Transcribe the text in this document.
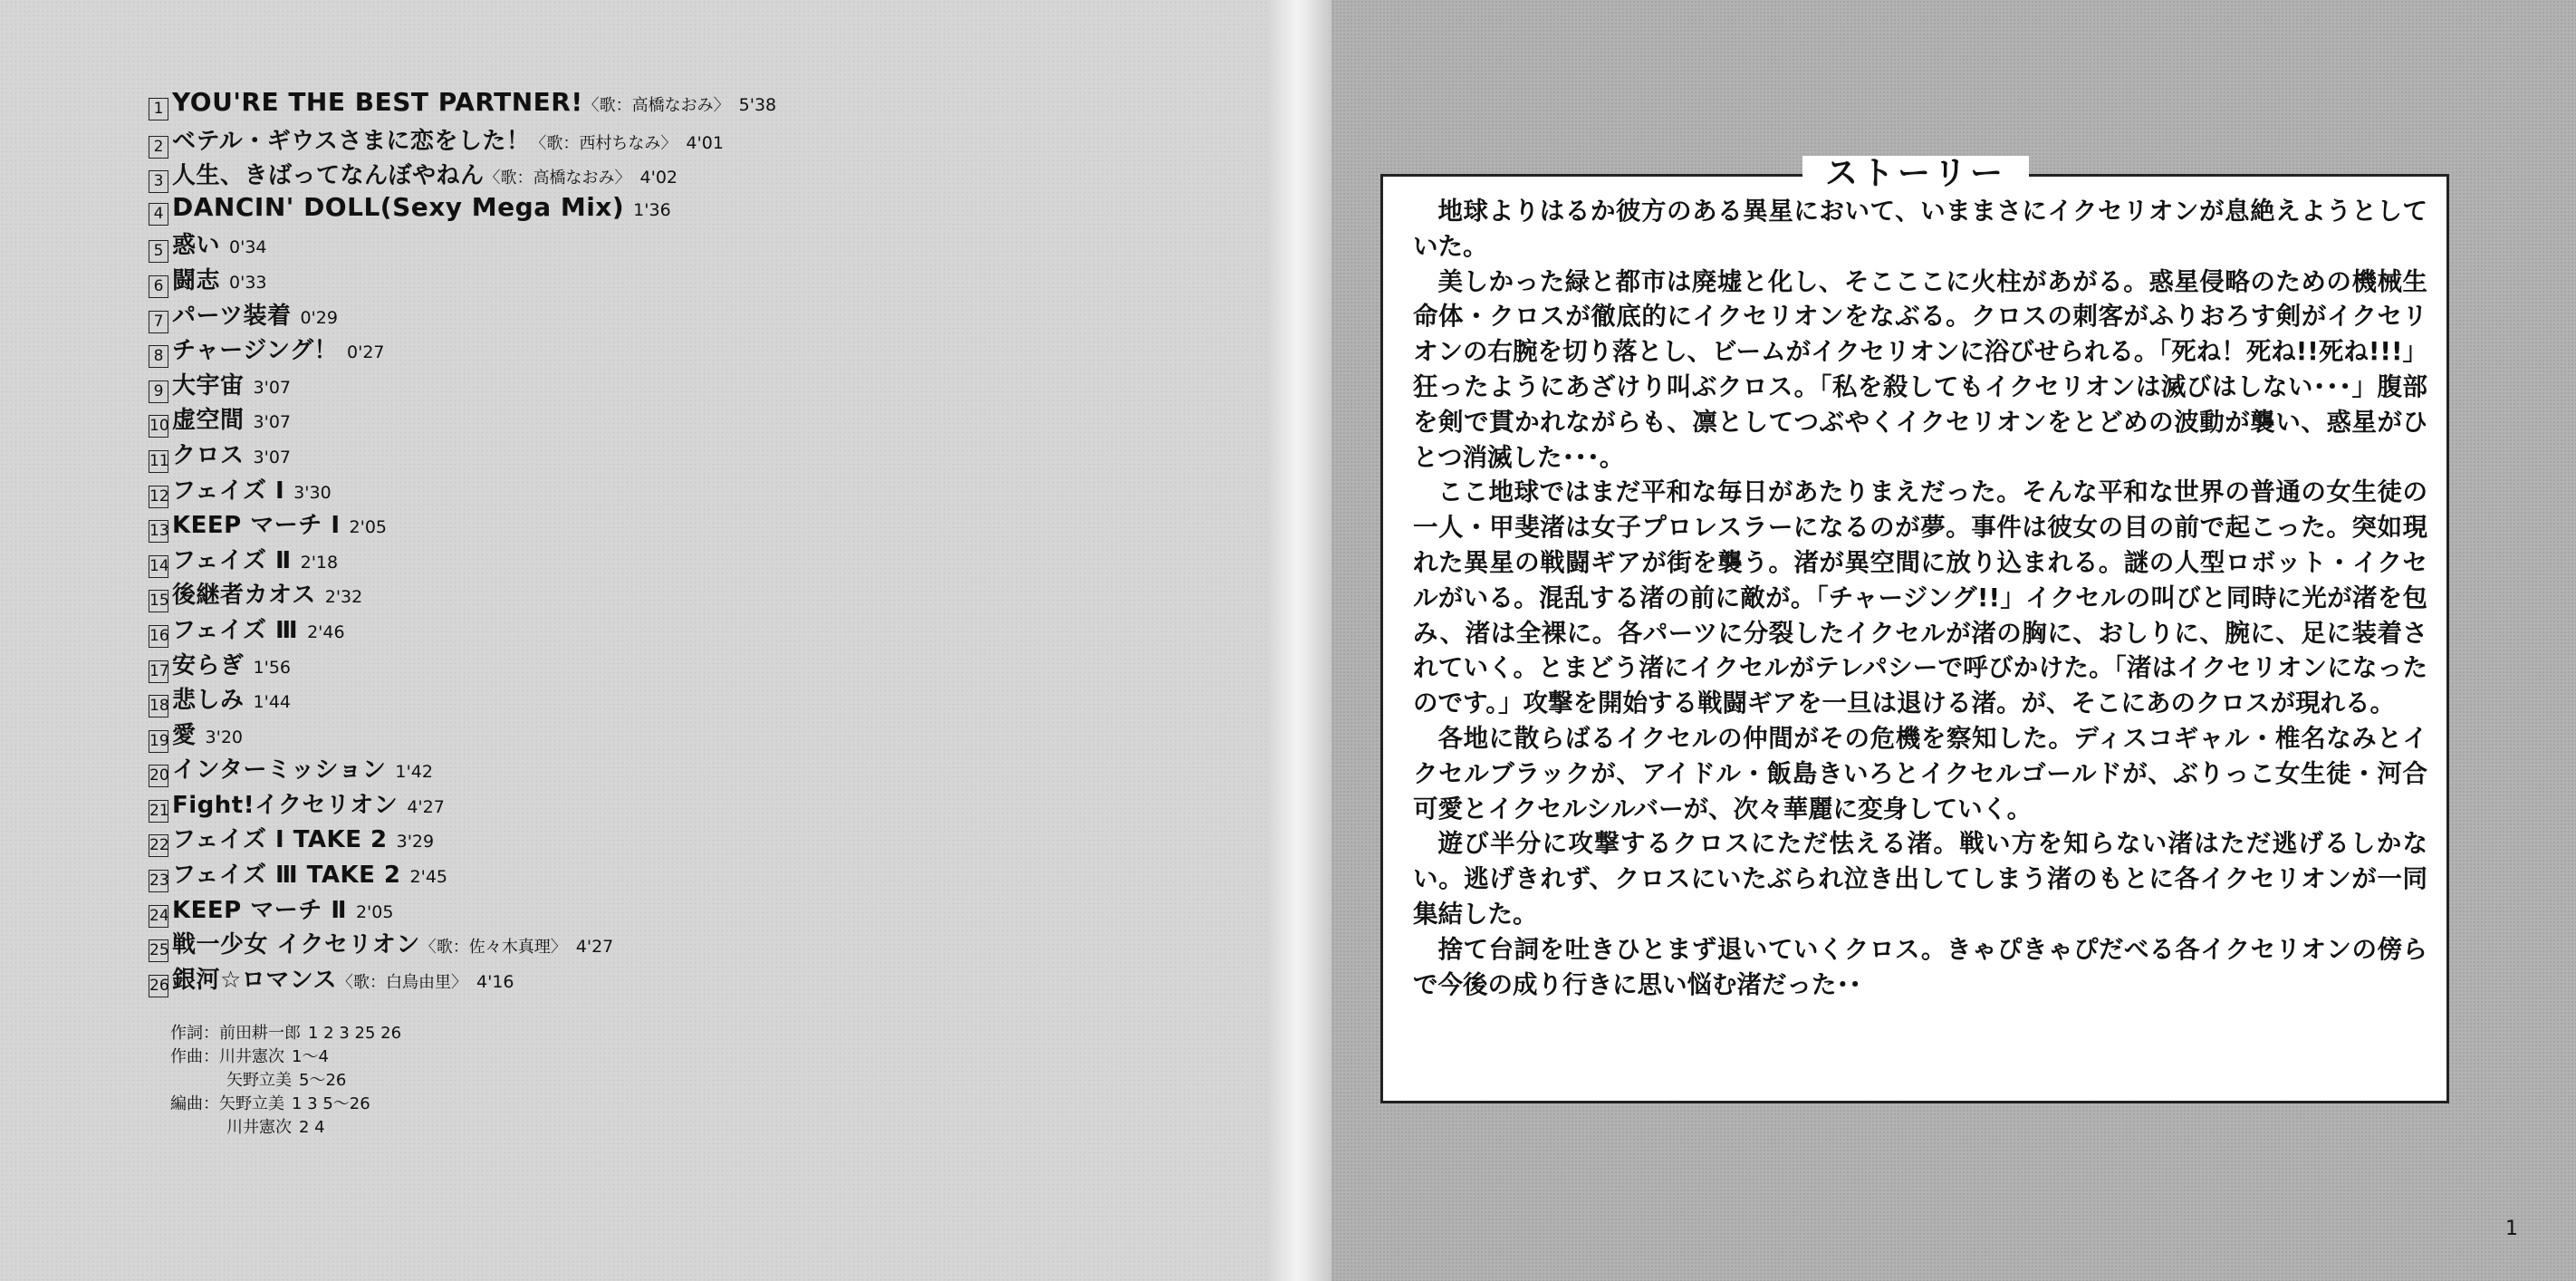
1 YOU'RE THE BEST PARTNER! 〈歌：高橋なおみ〉 5'38
2 ベテル・ギウスさまに恋をした！ 〈歌：西村ちなみ〉 4'01
3 人生、きばってなんぼやねん 〈歌：高橋なおみ〉 4'02
4 DANCIN' DOLL(Sexy Mega Mix) 1'36
5 惑い 0'34
6 闘志 0'33
7 パーツ装着 0'29
8 チャージング！ 0'27
9 大宇宙 3'07
10 虚空間 3'07
11 クロス 3'07
12 フェイズ Ⅰ 3'30
13 KEEP マーチ Ⅰ 2'05
14 フェイズ Ⅱ 2'18
15 後継者カオス 2'32
16 フェイズ Ⅲ 2'46
17 安らぎ 1'56
18 悲しみ 1'44
19 愛 3'20
20 インターミッション 1'42
21 Fight!イクセリオン 4'27
22 フェイズ Ⅰ TAKE 2 3'29
23 フェイズ Ⅲ TAKE 2 2'45
24 KEEP マーチ Ⅱ 2'05
25 戦一少女 イクセリオン 〈歌：佐々木真理〉 4'27
26 銀河☆ロマンス 〈歌：白鳥由里〉 4'16
作詞：前田耕一郎 1 2 3 25 26
作曲：川井憲次 1～4
矢野立美 5～26
編曲：矢野立美 1 3 5～26
川井憲次 2 4
ストーリー

地球よりはるか彼方のある異星において、いままさにイクセリオンが息絶えようとしていた。

美しかった緑と都市は廃墟と化し、そこここに火柱があがる。惑星侵略のための機械生命体・クロスが徹底的にイクセリオンをなぶる。クロスの刺客がふりおろす剣がイクセリオンの右腕を切り落とし、ビームがイクセリオンに浴びせられる。「死ね！死ね!!死ね!!!」狂ったようにあざけり叫ぶクロス。「私を殺してもイクセリオンは滅びはしない･･･」腹部を剣で貫かれながらも、凛としてつぶやくイクセリオンをとどめの波動が襲い、惑星がひとつ消滅した･･･。

ここ地球ではまだ平和な毎日があたりまえだった。そんな平和な世界の普通の女生徒の一人・甲斐渚は女子プロレスラーになるのが夢。事件は彼女の目の前で起こった。突如現れた異星の戦闘ギアが街を襲う。渚が異空間に放り込まれる。謎の人型ロボット・イクセルがいる。混乱する渚の前に敵が。「チャージング!!」イクセルの叫びと同時に光が渚を包み、渚は全裸に。各パーツに分裂したイクセルが渚の胸に、おしりに、腕に、足に装着されていく。とまどう渚にイクセルがテレパシーで呼びかけた。「渚はイクセリオンになったのです。」攻撃を開始する戦闘ギアを一旦は退ける渚。が、そこにあのクロスが現れる。

各地に散らばるイクセルの仲間がその危機を察知した。ディスコギャル・椎名なみとイクセルブラックが、アイドル・飯島きいろとイクセルゴールドが、ぶりっこ女生徒・河合可愛とイクセルシルバーが、次々華麗に変身していく。

遊び半分に攻撃するクロスにただ怯える渚。戦い方を知らない渚はただ逃げるしかない。逃げきれず、クロスにいたぶられ泣き出してしまう渚のもとに各イクセリオンが一同集結した。

捨て台詞を吐きひとまず退いていくクロス。きゃぴきゃぴだべる各イクセリオンの傍らで今後の成り行きに思い悩む渚だった･･

1
